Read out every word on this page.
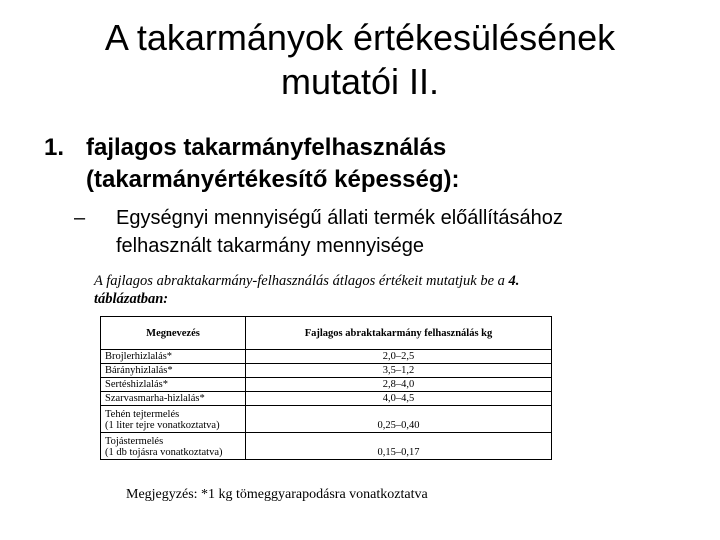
A takarmányok értékesülésének
mutatói II.
1. fajlagos takarmányfelhasználás
(takarmányértékesítő képesség):
– Egységnyi mennyiségű állati termék előállításához
felhasznált takarmány mennyisége
A fajlagos abraktakarmány-felhasználás átlagos értékeit mutatjuk be a 4.
táblázatban:
Megnevezés	Fajlagos abraktakarmány felhasználás kg
Brojlerhizlalás*	2,0–2,5
Bárányhizlalás*	3,5–1,2
Sertéshizlalás*	2,8–4,0
Szarvasmarha-hizlalás*	4,0–4,5
Tehén tejtermelés
(1 liter tejre vonatkoztatva)	0,25–0,40
Tojástermelés
(1 db tojásra vonatkoztatva)	0,15–0,17
Megjegyzés: *1 kg tömeggyarapodásra vonatkoztatva
